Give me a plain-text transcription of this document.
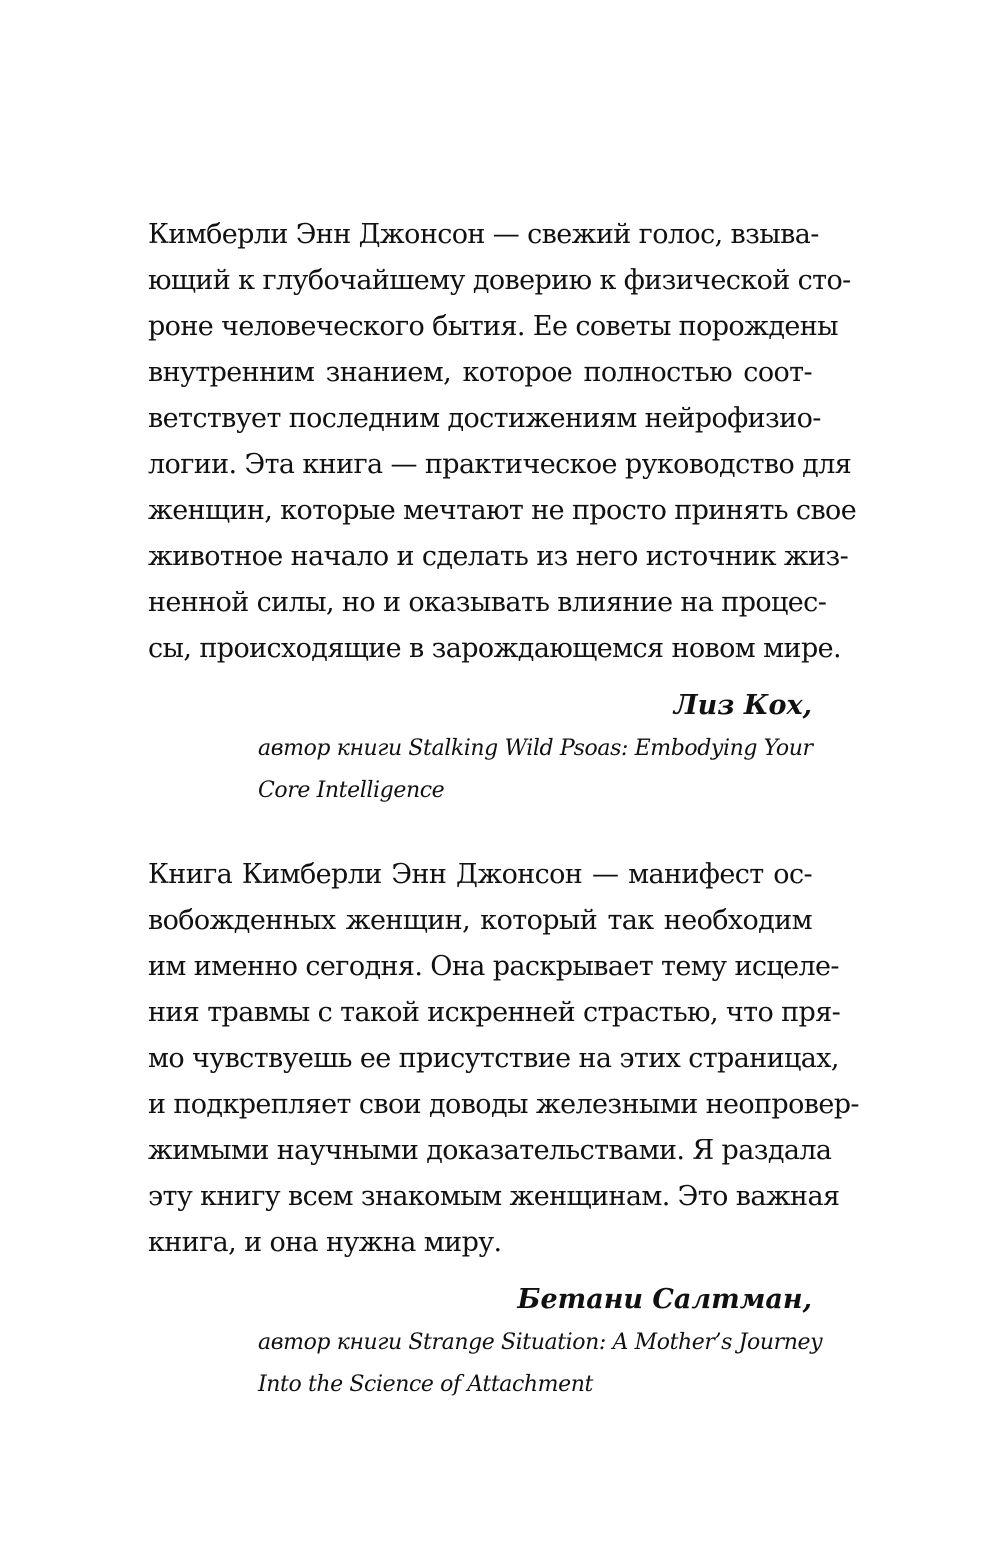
Кимберли Энн Джонсон — свежий голос, взыва-
ющий к глубочайшему доверию к физической сто-
роне человеческого бытия. Ее советы порождены
внутренним знанием, которое полностью соот-
ветствует последним достижениям нейрофизио-
логии. Эта книга — практическое руководство для
женщин, которые мечтают не просто принять свое
животное начало и сделать из него источник жиз-
ненной силы, но и оказывать влияние на процес-
сы, происходящие в зарождающемся новом мире.
Лиз Кох,
автор книги Stalking Wild Psoas: Embodying Your
Core Intelligence
Книга Кимберли Энн Джонсон — манифест ос-
вобожденных женщин, который так необходим
им именно сегодня. Она раскрывает тему исцеле-
ния травмы с такой искренней страстью, что пря-
мо чувствуешь ее присутствие на этих страницах,
и подкрепляет свои доводы железными неопровер-
жимыми научными доказательствами. Я раздала
эту книгу всем знакомым женщинам. Это важная
книга, и она нужна миру.
Бетани Салтман,
автор книги Strange Situation: A Mother’s Journey
Into the Science of Attachment
